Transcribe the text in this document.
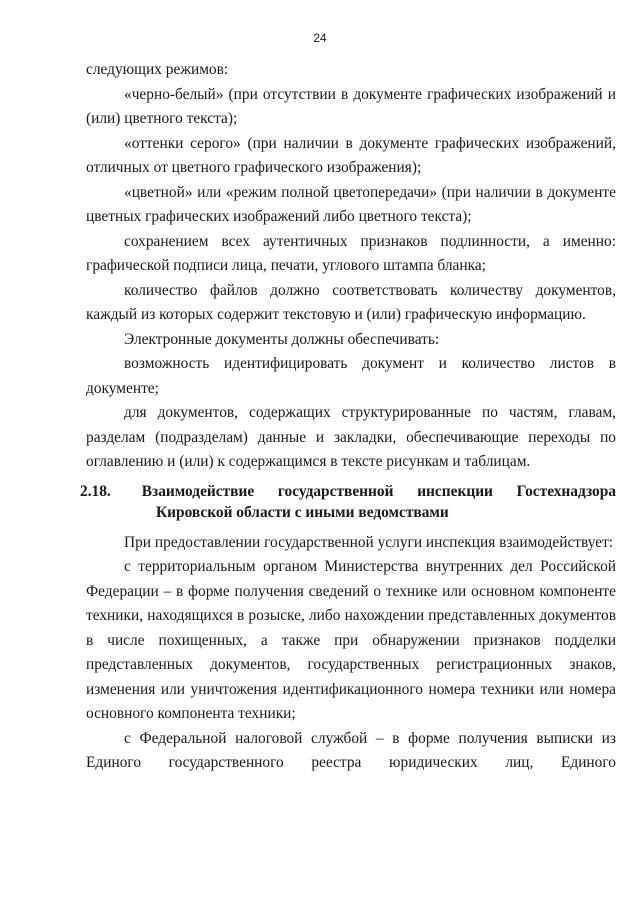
24

следующих режимов:

«черно-белый» (при отсутствии в документе графических изображений и (или) цветного текста);

«оттенки серого» (при наличии в документе графических изображений, отличных от цветного графического изображения);

«цветной» или «режим полной цветопередачи» (при наличии в документе цветных графических изображений либо цветного текста);

сохранением всех аутентичных признаков подлинности, а именно: графической подписи лица, печати, углового штампа бланка;

количество файлов должно соответствовать количеству документов, каждый из которых содержит текстовую и (или) графическую информацию.

Электронные документы должны обеспечивать:

возможность идентифицировать документ и количество листов в документе;

для документов, содержащих структурированные по частям, главам, разделам (подразделам) данные и закладки, обеспечивающие переходы по оглавлению и (или) к содержащимся в тексте рисункам и таблицам.

2.18. Взаимодействие государственной инспекции Гостехнадзора Кировской области с иными ведомствами

При предоставлении государственной услуги инспекция взаимодействует:

с территориальным органом Министерства внутренних дел Российской Федерации – в форме получения сведений о технике или основном компоненте техники, находящихся в розыске, либо нахождении представленных документов в числе похищенных, а также при обнаружении признаков подделки представленных документов, государственных регистрационных знаков, изменения или уничтожения идентификационного номера техники или номера основного компонента техники;

с Федеральной налоговой службой – в форме получения выписки из Единого государственного реестра юридических лиц, Единого
